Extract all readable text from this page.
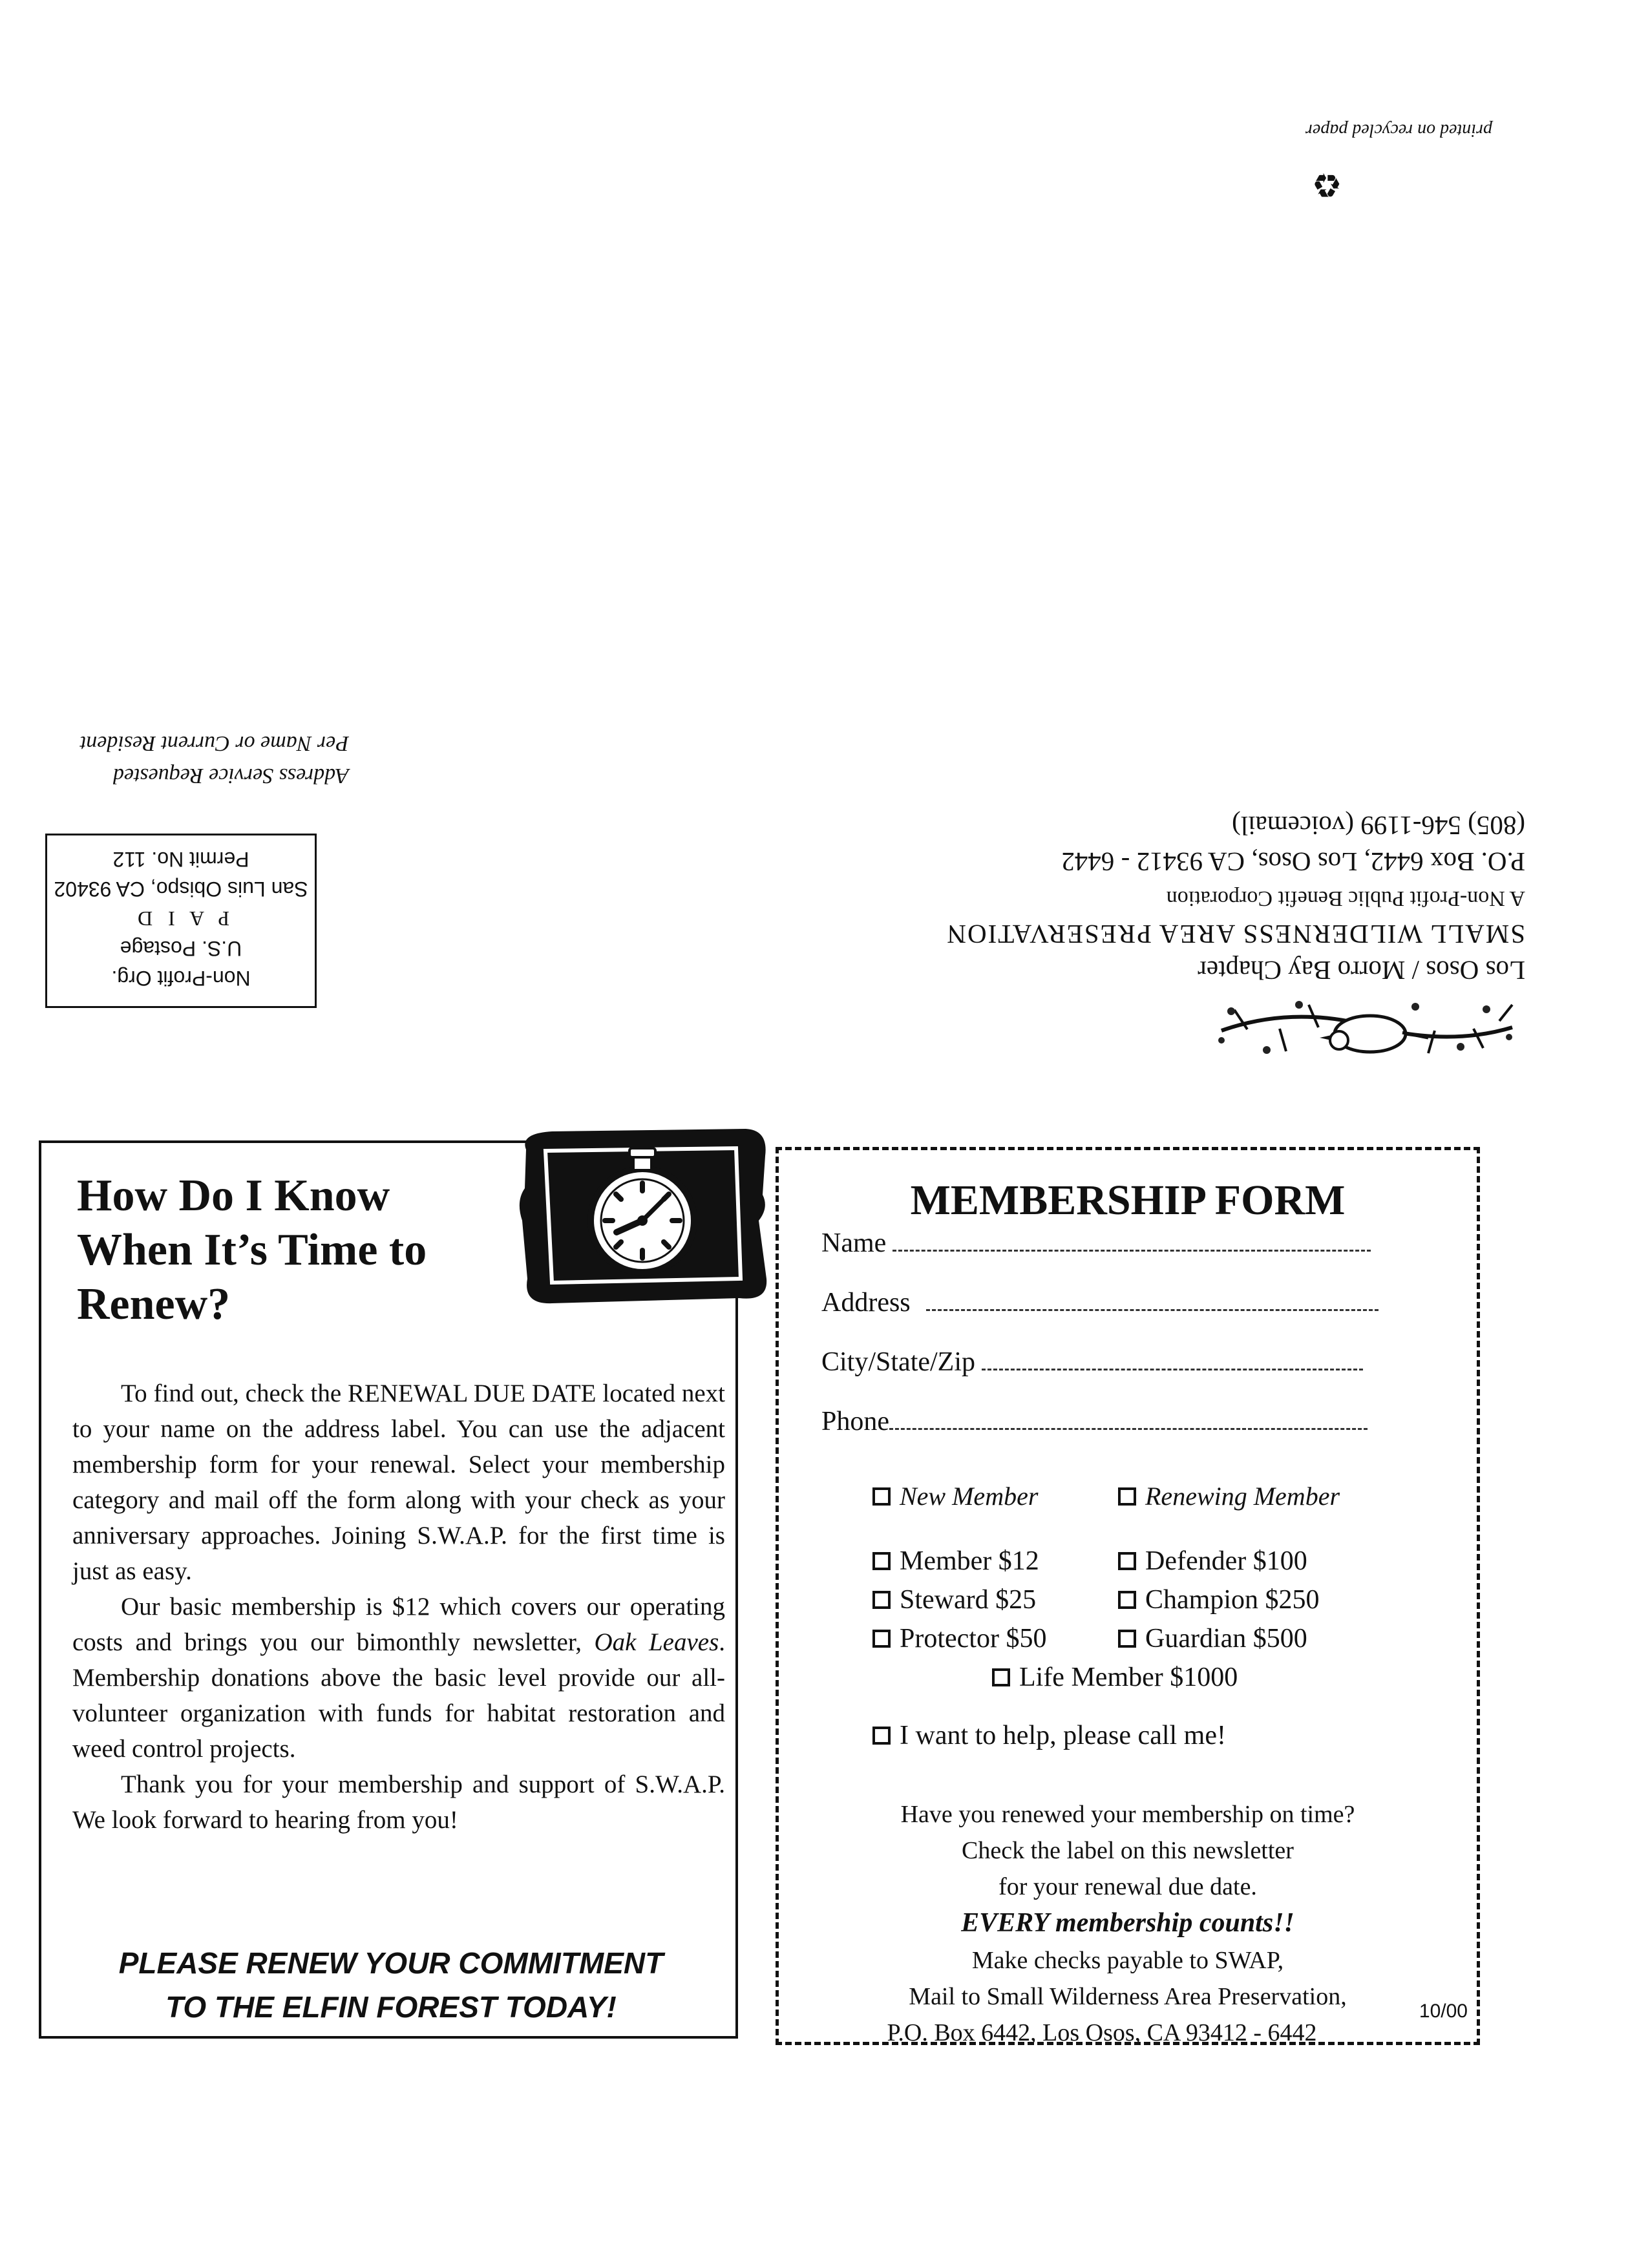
♻
printed on recycled paper
Los Osos / Morro Bay Chapter
SMALL WILDERNESS AREA PRESERVATION
A Non-Profit Public Benefit Corporation
P.O. Box 6442, Los Osos, CA 93412 - 6442
(805) 546-1199 (voicemail)
Non-Profit Org.
U.S. Postage
P A I D
San Luis Obispo, CA 93402
Permit No. 112
Address Service Requested
Per Name or Current Resident
How Do I Know
When It’s Time to
Renew?

To find out, check the RENEWAL DUE DATE located next to your name on the address label. You can use the adjacent membership form for your renewal. Select your membership category and mail off the form along with your check as your anniversary approaches. Joining S.W.A.P. for the first time is just as easy.

Our basic membership is $12 which covers our operating costs and brings you our bimonthly newsletter, Oak Leaves. Membership donations above the basic level provide our all-volunteer organization with funds for habitat restoration and weed control projects.

Thank you for your membership and support of S.W.A.P. We look forward to hearing from you!

PLEASE RENEW YOUR COMMITMENT
TO THE ELFIN FOREST TODAY!
MEMBERSHIP FORM
Name
Address
City/State/Zip
Phone
New Member	Renewing Member
Member $12	Defender $100
Steward $25	Champion $250
Protector $50	Guardian $500
Life Member $1000
I want to help, please call me!
Have you renewed your membership on time?
Check the label on this newsletter
for your renewal due date.
EVERY membership counts!!
Make checks payable to SWAP,
Mail to Small Wilderness Area Preservation,
P.O. Box 6442, Los Osos, CA 93412 - 6442
10/00
